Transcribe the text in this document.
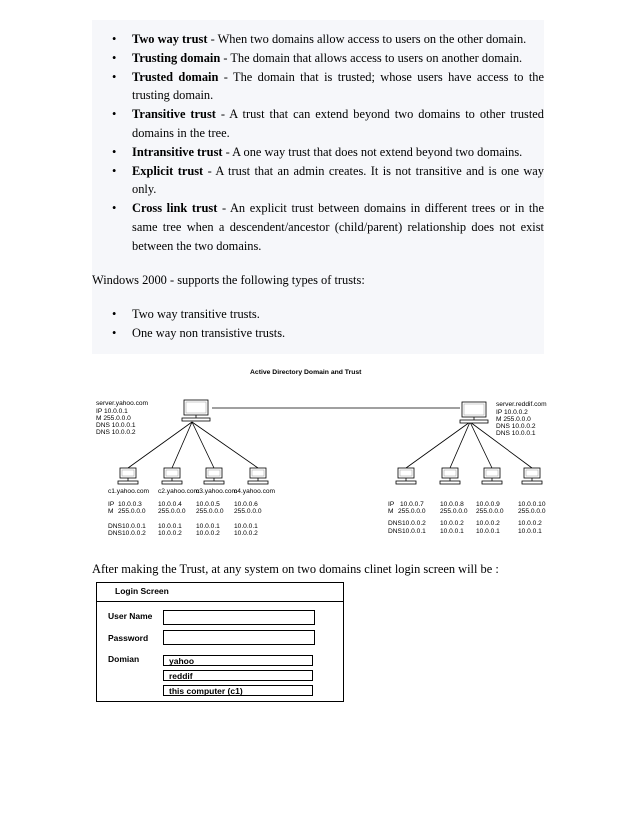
• Two way trust - When two domains allow access to users on the other domain.
• Trusting domain - The domain that allows access to users on another domain.
• Trusted domain - The domain that is trusted; whose users have access to the trusting domain.
• Transitive trust - A trust that can extend beyond two domains to other trusted domains in the tree.
• Intransitive trust - A one way trust that does not extend beyond two domains.
• Explicit trust - A trust that an admin creates. It is not transitive and is one way only.
• Cross link trust - An explicit trust between domains in different trees or in the same tree when a descendent/ancestor (child/parent) relationship does not exist between the two domains.
Windows 2000 - supports the following types of trusts:
• Two way transitive trusts.
• One way non transistive trusts.
Active Directory Domain and Trust
server.yahoo.com
IP 10.0.0.1
M 255.0.0.0
DNS 10.0.0.1
DNS 10.0.0.2
server.reddif.com
IP 10.0.0.2
M 255.0.0.0
DNS 10.0.0.2
DNS 10.0.0.1
c1.yahoo.com
IP 10.0.0.3
M 255.0.0.0
DNS 10.0.0.1
DNS 10.0.0.2
c2.yahoo.com
10.0.0.4
255.0.0.0
10.0.0.1
10.0.0.2
c3.yahoo.com
10.0.0.5
255.0.0.0
10.0.0.1
10.0.0.2
c4.yahoo.com
10.0.0.6
255.0.0.0
10.0.0.1
10.0.0.2
IP 10.0.0.7
M 255.0.0.0
DNS 10.0.0.2
DNS 10.0.0.1
10.0.0.8
255.0.0.0
10.0.0.2
10.0.0.1
10.0.0.9
255.0.0.0
10.0.0.2
10.0.0.1
10.0.0.10
255.0.0.0
10.0.0.2
10.0.0.1
After making the Trust, at any system on two domains clinet login screen will be :
Login Screen
User Name
Password
Domian	yahoo
reddif
this computer (c1)
